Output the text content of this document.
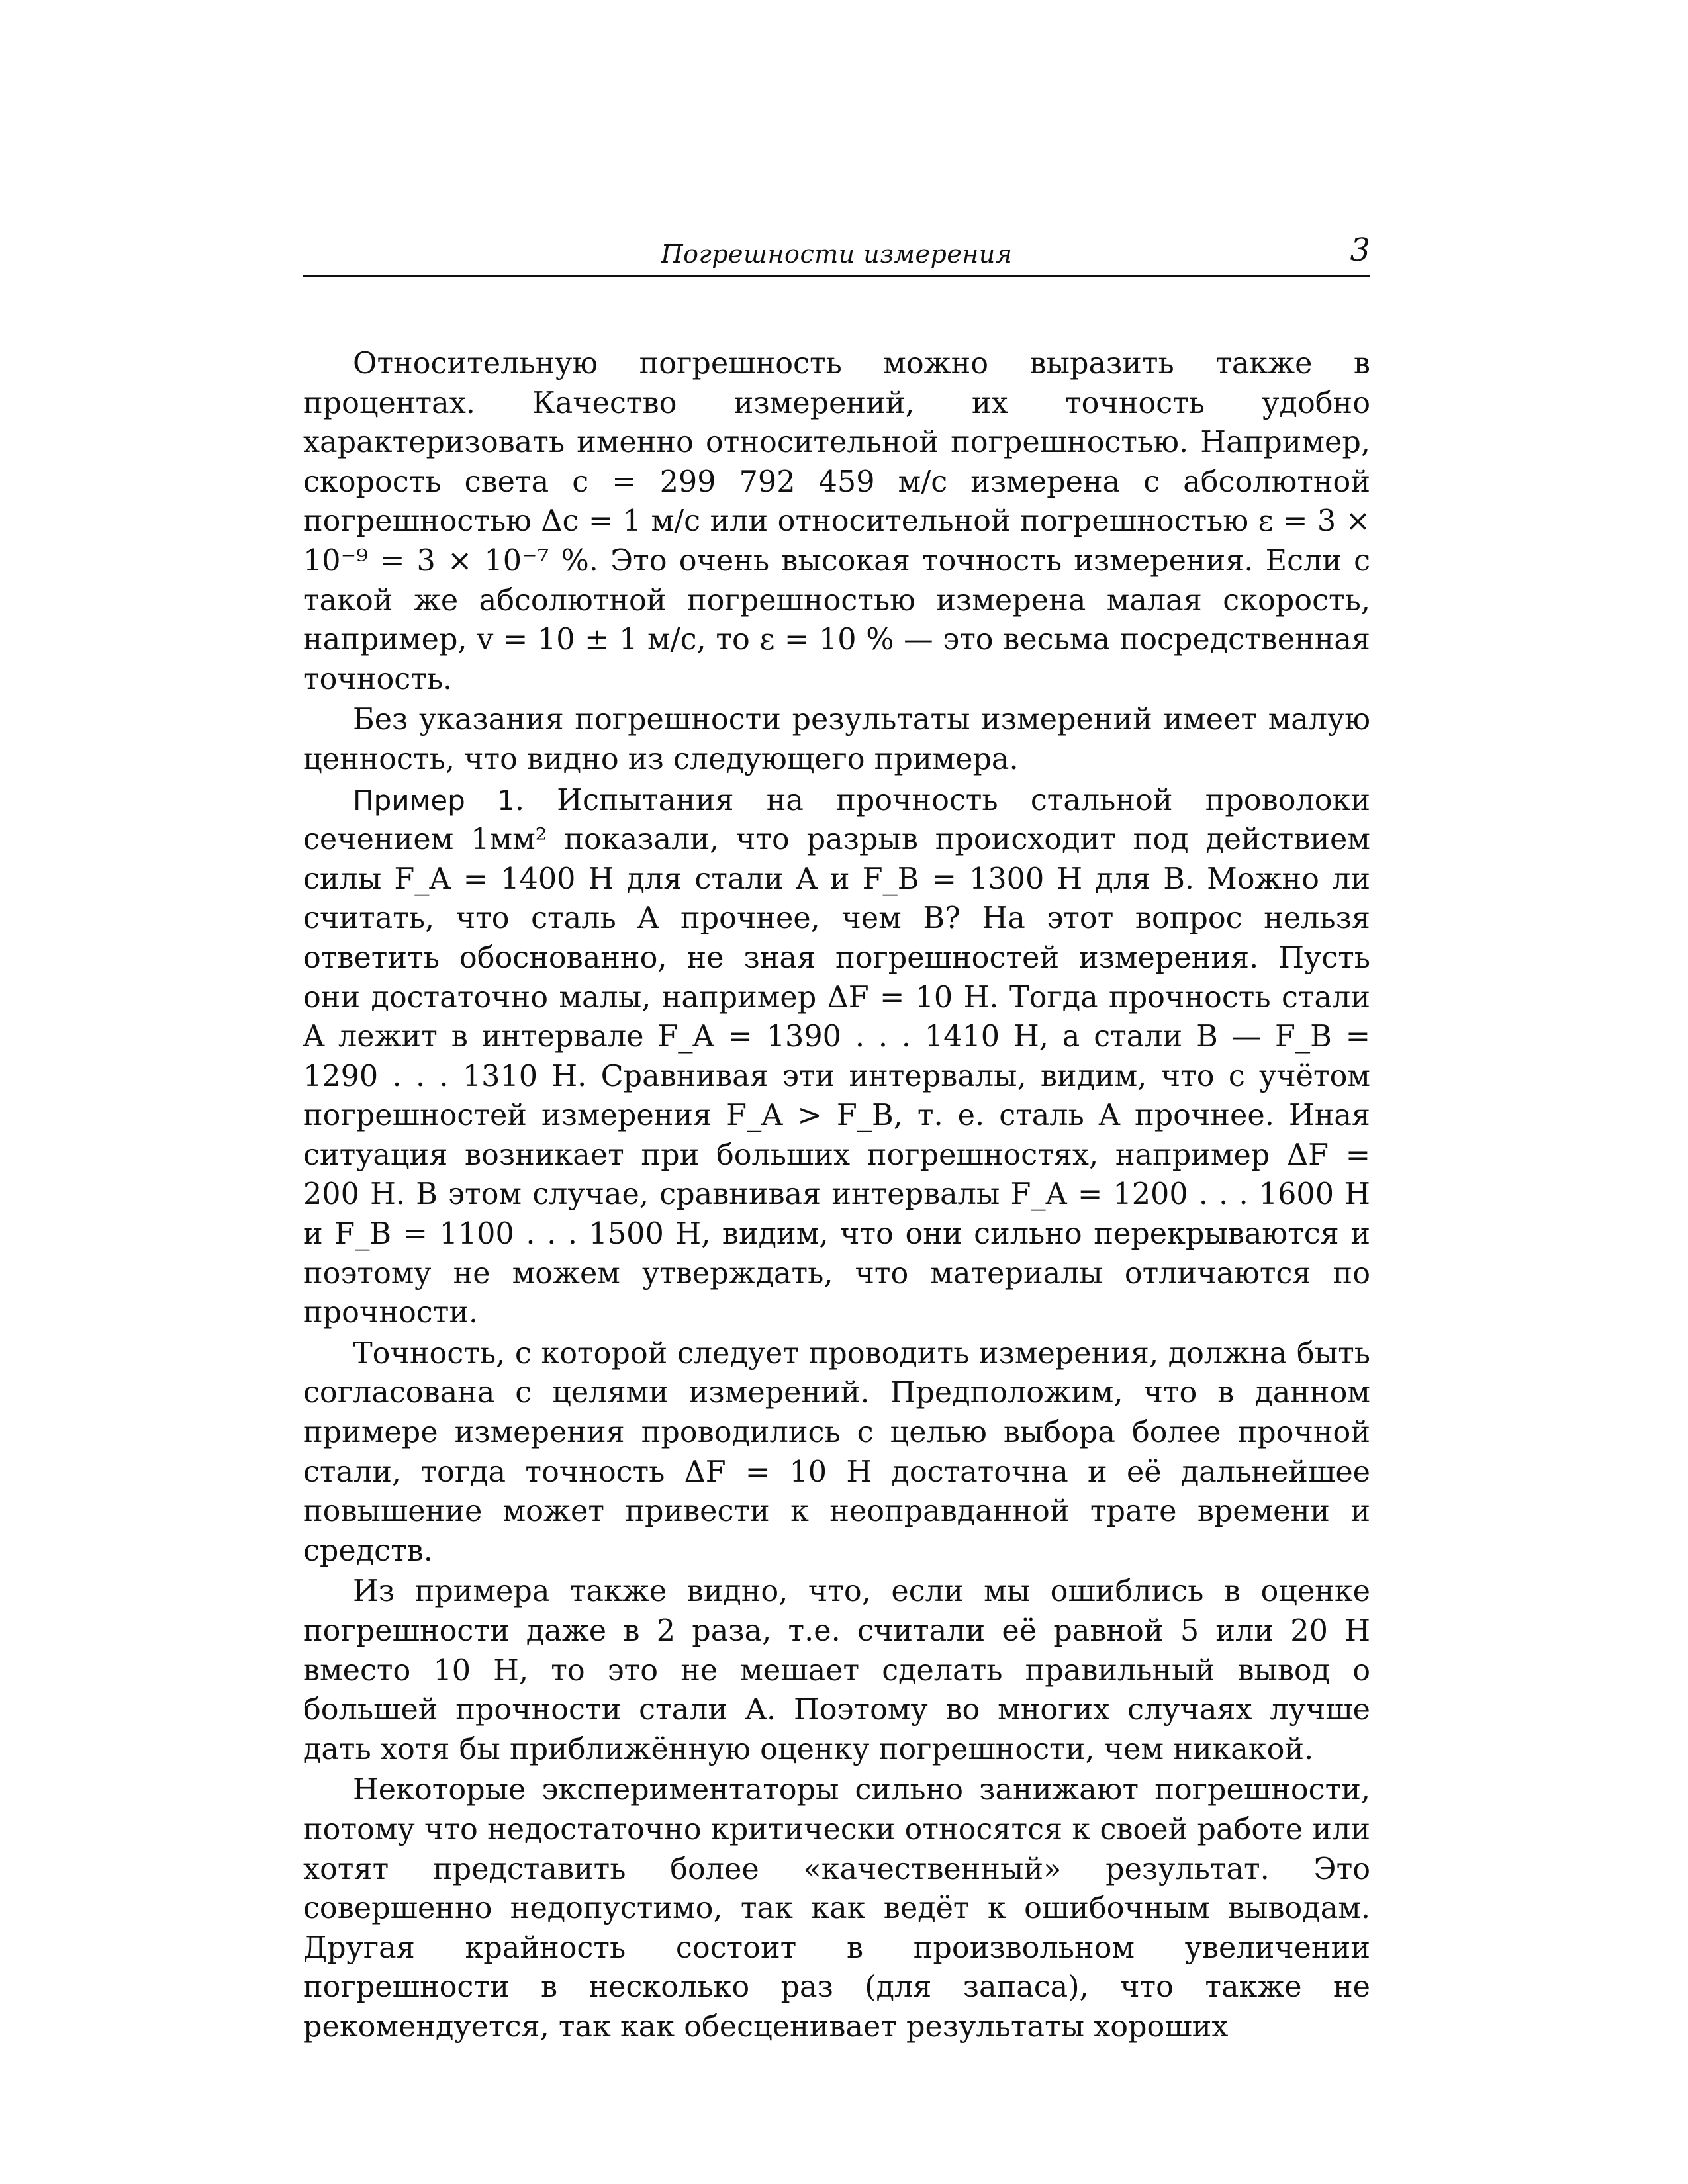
Погрешности измерения	3

Относительную погрешность можно выразить также в процентах. Качество измерений, их точность удобно характеризовать именно относительной погрешностью. Например, скорость света c = 299 792 459 м/с измерена с абсолютной погрешностью Δc = 1 м/с или относительной погрешностью ε = 3 × 10⁻⁹ = 3 × 10⁻⁷ %. Это очень высокая точность измерения. Если с такой же абсолютной погрешностью измерена малая скорость, например, v = 10 ± 1 м/с, то ε = 10 % — это весьма посредственная точность.

Без указания погрешности результаты измерений имеет малую ценность, что видно из следующего примера.

Пример 1. Испытания на прочность стальной проволоки сечением 1мм² показали, что разрыв происходит под действием силы F_A = 1400 Н для стали A и F_B = 1300 Н для B. Можно ли считать, что сталь A прочнее, чем B? На этот вопрос нельзя ответить обоснованно, не зная погрешностей измерения. Пусть они достаточно малы, например ΔF = 10 Н. Тогда прочность стали A лежит в интервале F_A = 1390 . . . 1410 Н, а стали B — F_B = 1290 . . . 1310 Н. Сравнивая эти интервалы, видим, что с учётом погрешностей измерения F_A > F_B, т. е. сталь A прочнее. Иная ситуация возникает при больших погрешностях, например ΔF = 200 Н. В этом случае, сравнивая интервалы F_A = 1200 . . . 1600 Н и F_B = 1100 . . . 1500 Н, видим, что они сильно перекрываются и поэтому не можем утверждать, что материалы отличаются по прочности.

Точность, с которой следует проводить измерения, должна быть согласована с целями измерений. Предположим, что в данном примере измерения проводились с целью выбора более прочной стали, тогда точность ΔF = 10 Н достаточна и её дальнейшее повышение может привести к неоправданной трате времени и средств.

Из примера также видно, что, если мы ошиблись в оценке погрешности даже в 2 раза, т.е. считали её равной 5 или 20 Н вместо 10 Н, то это не мешает сделать правильный вывод о большей прочности стали A. Поэтому во многих случаях лучше дать хотя бы приближённую оценку погрешности, чем никакой.

Некоторые экспериментаторы сильно занижают погрешности, потому что недостаточно критически относятся к своей работе или хотят представить более «качественный» результат. Это совершенно недопустимо, так как ведёт к ошибочным выводам. Другая крайность состоит в произвольном увеличении погрешности в несколько раз (для запаса), что также не рекомендуется, так как обесценивает результаты хороших
